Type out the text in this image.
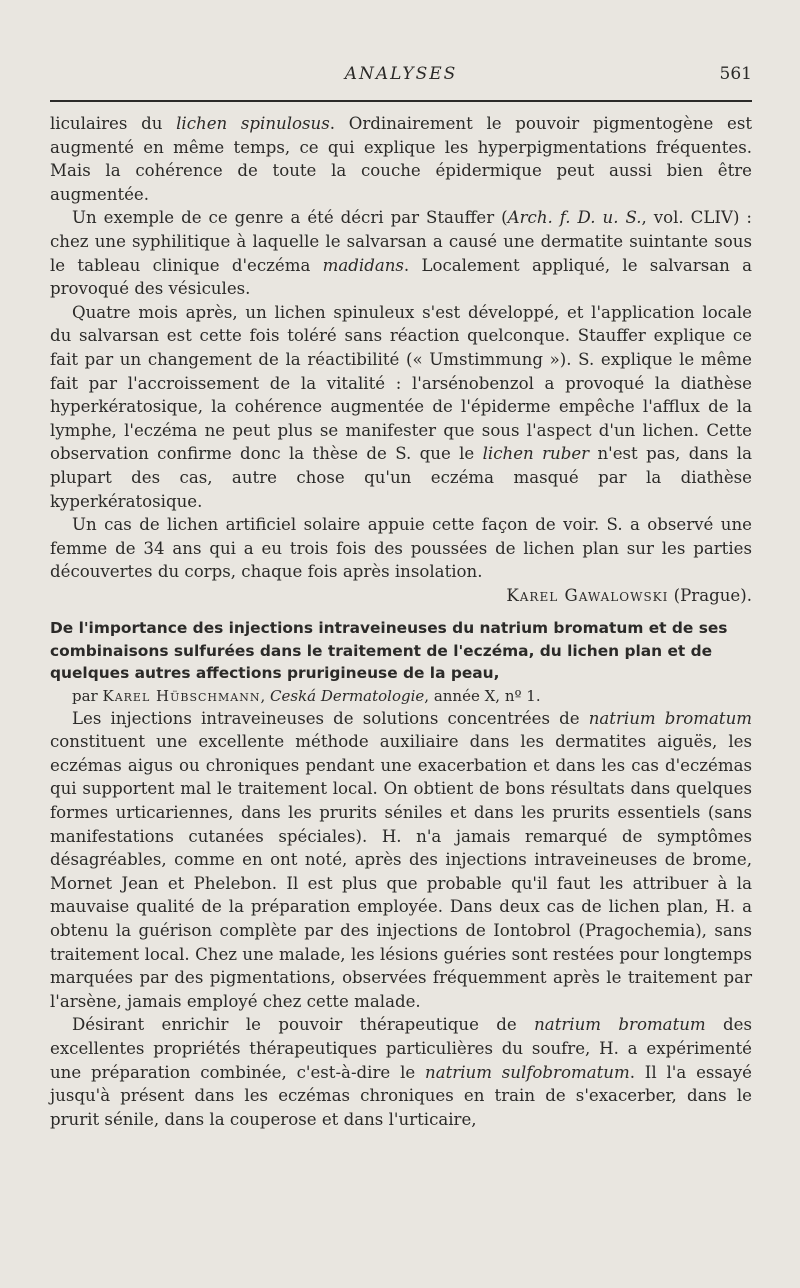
ANALYSES	561

liculaires du lichen spinulosus. Ordinairement le pouvoir pigmentogène est augmenté en même temps, ce qui explique les hyperpigmentations fréquentes. Mais la cohérence de toute la couche épidermique peut aussi bien être augmentée.

Un exemple de ce genre a été décri par Stauffer (Arch. f. D. u. S., vol. CLIV) : chez une syphilitique à laquelle le salvarsan a causé une dermatite suintante sous le tableau clinique d'eczéma madidans. Localement appliqué, le salvarsan a provoqué des vésicules.

Quatre mois après, un lichen spinuleux s'est développé, et l'application locale du salvarsan est cette fois toléré sans réaction quelconque. Stauffer explique ce fait par un changement de la réactibilité (« Umstimmung »). S. explique le même fait par l'accroissement de la vitalité : l'arsénobenzol a provoqué la diathèse hyperkératosique, la cohérence augmentée de l'épiderme empêche l'afflux de la lymphe, l'eczéma ne peut plus se manifester que sous l'aspect d'un lichen. Cette observation confirme donc la thèse de S. que le lichen ruber n'est pas, dans la plupart des cas, autre chose qu'un eczéma masqué par la diathèse kyperkératosique.

Un cas de lichen artificiel solaire appuie cette façon de voir. S. a observé une femme de 34 ans qui a eu trois fois des poussées de lichen plan sur les parties découvertes du corps, chaque fois après insolation.

Karel Gawalowski (Prague).

De l'importance des injections intraveineuses du natrium bromatum et de ses combinaisons sulfurées dans le traitement de l'eczéma, du lichen plan et de quelques autres affections prurigineuse de la peau,

par Karel Hübschmann, Ceská Dermatologie, année X, nº 1.

Les injections intraveineuses de solutions concentrées de natrium bromatum constituent une excellente méthode auxiliaire dans les dermatites aiguës, les eczémas aigus ou chroniques pendant une exacerbation et dans les cas d'eczémas qui supportent mal le traitement local. On obtient de bons résultats dans quelques formes urticariennes, dans les prurits séniles et dans les prurits essentiels (sans manifestations cutanées spéciales). H. n'a jamais remarqué de symptômes désagréables, comme en ont noté, après des injections intraveineuses de brome, Mornet Jean et Phelebon. Il est plus que probable qu'il faut les attribuer à la mauvaise qualité de la préparation employée. Dans deux cas de lichen plan, H. a obtenu la guérison complète par des injections de Iontobrol (Pragochemia), sans traitement local. Chez une malade, les lésions guéries sont restées pour longtemps marquées par des pigmentations, observées fréquemment après le traitement par l'arsène, jamais employé chez cette malade.

Désirant enrichir le pouvoir thérapeutique de natrium bromatum des excellentes propriétés thérapeutiques particulières du soufre, H. a expérimenté une préparation combinée, c'est-à-dire le natrium sulfobromatum. Il l'a essayé jusqu'à présent dans les eczémas chroniques en train de s'exacerber, dans le prurit sénile, dans la couperose et dans l'urticaire,
